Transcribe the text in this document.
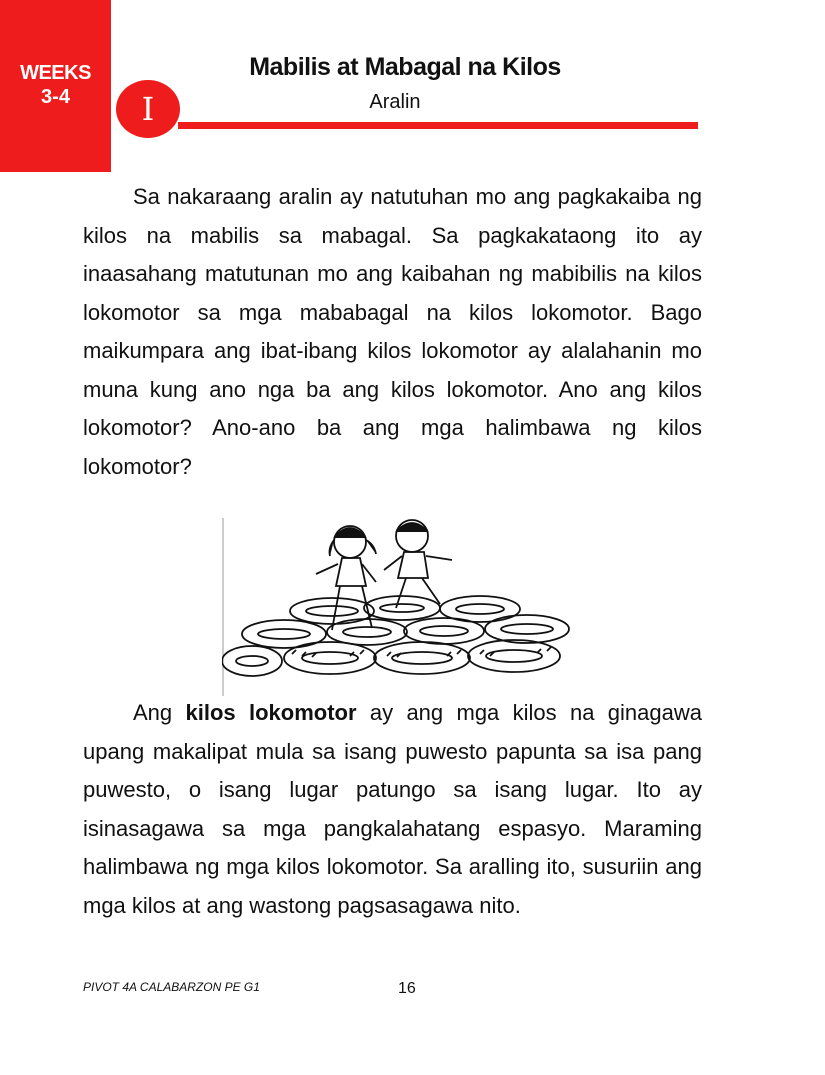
WEEKS
3-4
Mabilis at Mabagal na Kilos
Aralin
I

Sa nakaraang aralin ay natutuhan mo ang pagkakaiba ng kilos na mabilis sa mabagal. Sa pagkakataong ito ay inaasahang matutunan mo ang kaibahan ng mabibilis na kilos lokomotor sa mga mababagal na kilos lokomotor. Bago maikumpara ang ibat-ibang kilos lokomotor ay alalahanin mo muna kung ano nga ba ang kilos lokomotor. Ano ang kilos lokomotor? Ano-ano ba ang mga halimbawa ng kilos lokomotor?

Ang kilos lokomotor ay ang mga kilos na ginagawa upang makalipat mula sa isang puwesto papunta sa isa pang puwesto, o isang lugar patungo sa isang lugar. Ito ay isinasagawa sa mga pangkalahatang espasyo. Maraming halimbawa ng mga kilos lokomotor. Sa aralling ito, susuriin ang mga kilos at ang wastong pagsasagawa nito.

PIVOT 4A CALABARZON PE G1	16
